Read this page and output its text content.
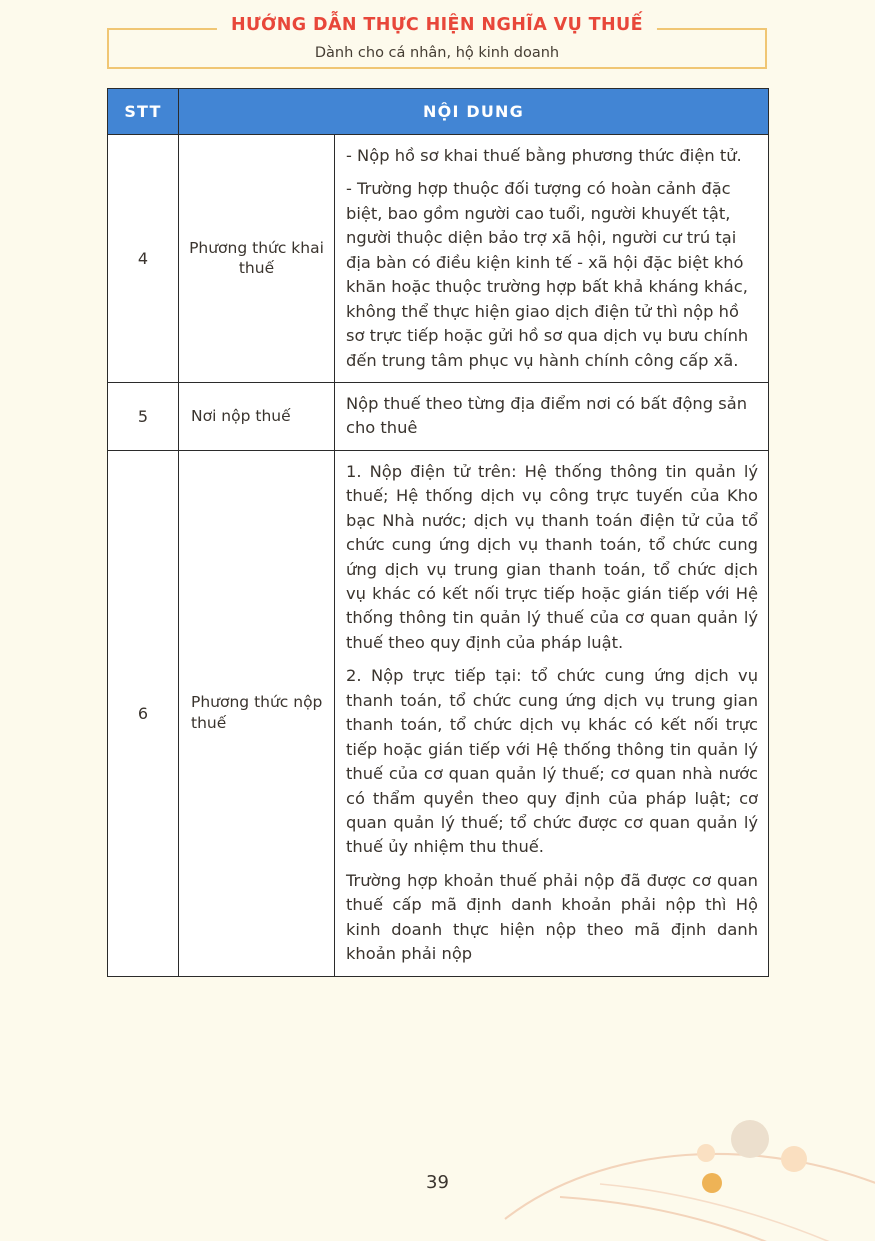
Dành cho cá nhân, hộ kinh doanh
HƯỚNG DẪN THỰC HIỆN NGHĨA VỤ THUẾ
STT	NỘI DUNG	
4	Phương thức khai thuế	- Nộp hồ sơ khai thuế bằng phương thức điện tử.

- Trường hợp thuộc đối tượng có hoàn cảnh đặc biệt, bao gồm người cao tuổi, người khuyết tật, người thuộc diện bảo trợ xã hội, người cư trú tại địa bàn có điều kiện kinh tế - xã hội đặc biệt khó khăn hoặc thuộc trường hợp bất khả kháng khác, không thể thực hiện giao dịch điện tử thì nộp hồ sơ trực tiếp hoặc gửi hồ sơ qua dịch vụ bưu chính đến trung tâm phục vụ hành chính công cấp xã.

5	Nơi nộp thuế	Nộp thuế theo từng địa điểm nơi có bất động sản cho thuê

6	Phương thức nộp thuế	1. Nộp điện tử trên: Hệ thống thông tin quản lý thuế; Hệ thống dịch vụ công trực tuyến của Kho bạc Nhà nước; dịch vụ thanh toán điện tử của tổ chức cung ứng dịch vụ thanh toán, tổ chức cung ứng dịch vụ trung gian thanh toán, tổ chức dịch vụ khác có kết nối trực tiếp hoặc gián tiếp với Hệ thống thông tin quản lý thuế của cơ quan quản lý thuế theo quy định của pháp luật.

2. Nộp trực tiếp tại: tổ chức cung ứng dịch vụ thanh toán, tổ chức cung ứng dịch vụ trung gian thanh toán, tổ chức dịch vụ khác có kết nối trực tiếp hoặc gián tiếp với Hệ thống thông tin quản lý thuế của cơ quan quản lý thuế; cơ quan nhà nước có thẩm quyền theo quy định của pháp luật; cơ quan quản lý thuế; tổ chức được cơ quan quản lý thuế ủy nhiệm thu thuế.

Trường hợp khoản thuế phải nộp đã được cơ quan thuế cấp mã định danh khoản phải nộp thì Hộ kinh doanh thực hiện nộp theo mã định danh khoản phải nộp

39
